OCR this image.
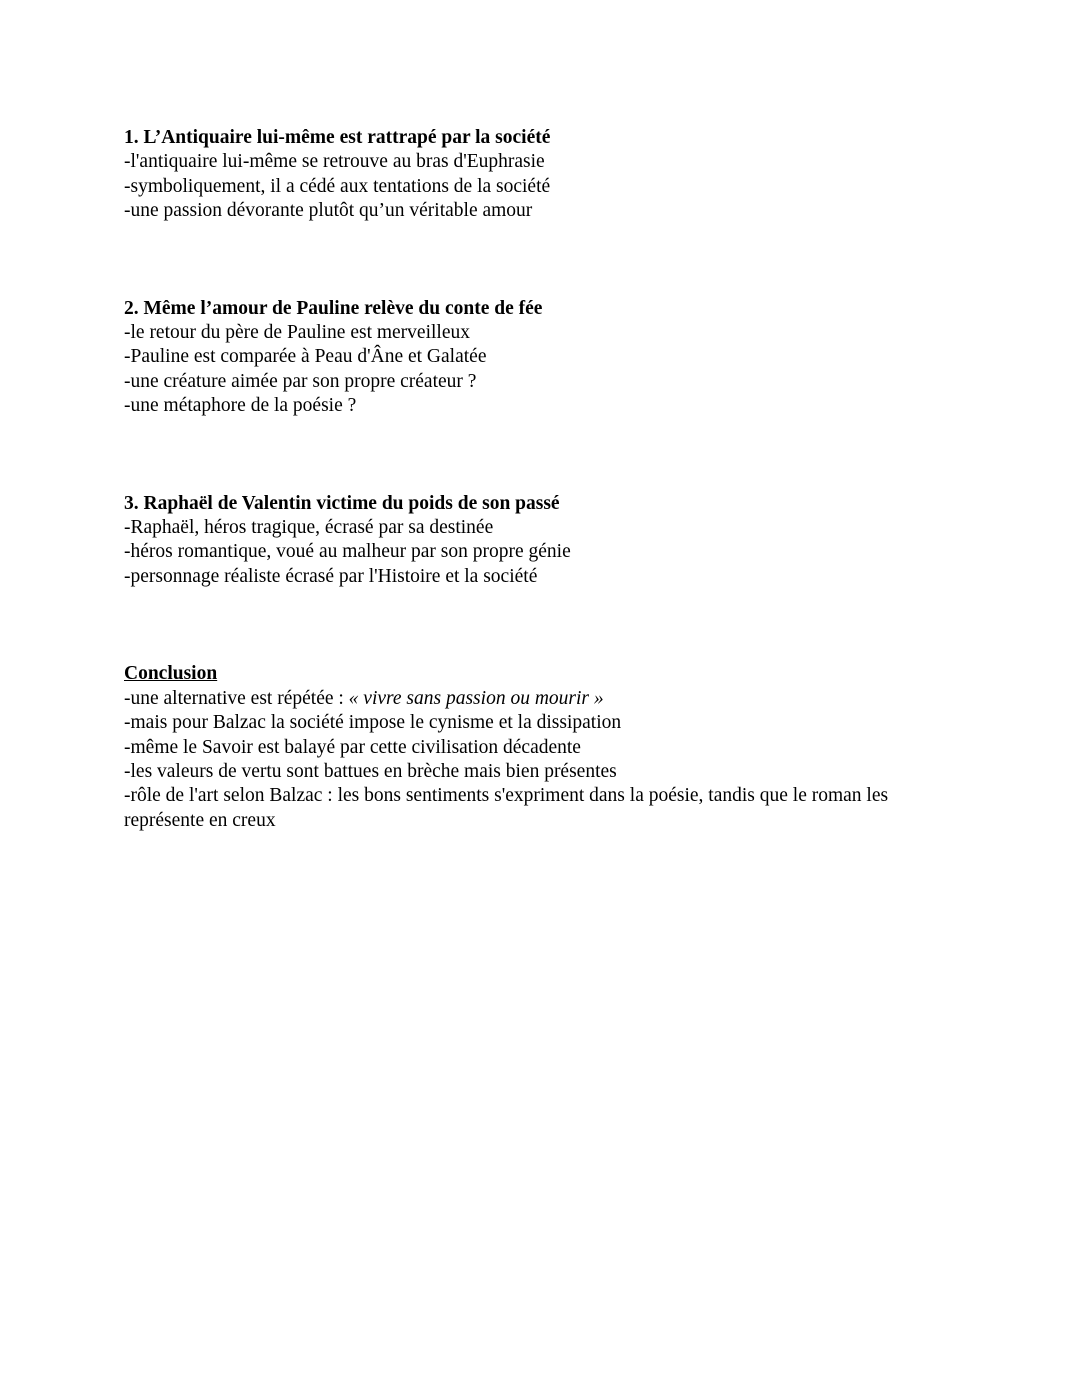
1. L’Antiquaire lui-même est rattrapé par la société

-l'antiquaire lui-même se retrouve au bras d'Euphrasie

-symboliquement, il a cédé aux tentations de la société

-une passion dévorante plutôt qu’un véritable amour

2. Même l’amour de Pauline relève du conte de fée

-le retour du père de Pauline est merveilleux

-Pauline est comparée à Peau d'Âne et Galatée

-une créature aimée par son propre créateur ?

-une métaphore de la poésie ?

3. Raphaël de Valentin victime du poids de son passé

-Raphaël, héros tragique, écrasé par sa destinée

-héros romantique, voué au malheur par son propre génie

-personnage réaliste écrasé par l'Histoire et la société

Conclusion

-une alternative est répétée : « vivre sans passion ou mourir »

-mais pour Balzac la société impose le cynisme et la dissipation

-même le Savoir est balayé par cette civilisation décadente

-les valeurs de vertu sont battues en brèche mais bien présentes

-rôle de l'art selon Balzac : les bons sentiments s'expriment dans la poésie, tandis que le roman les représente en creux
